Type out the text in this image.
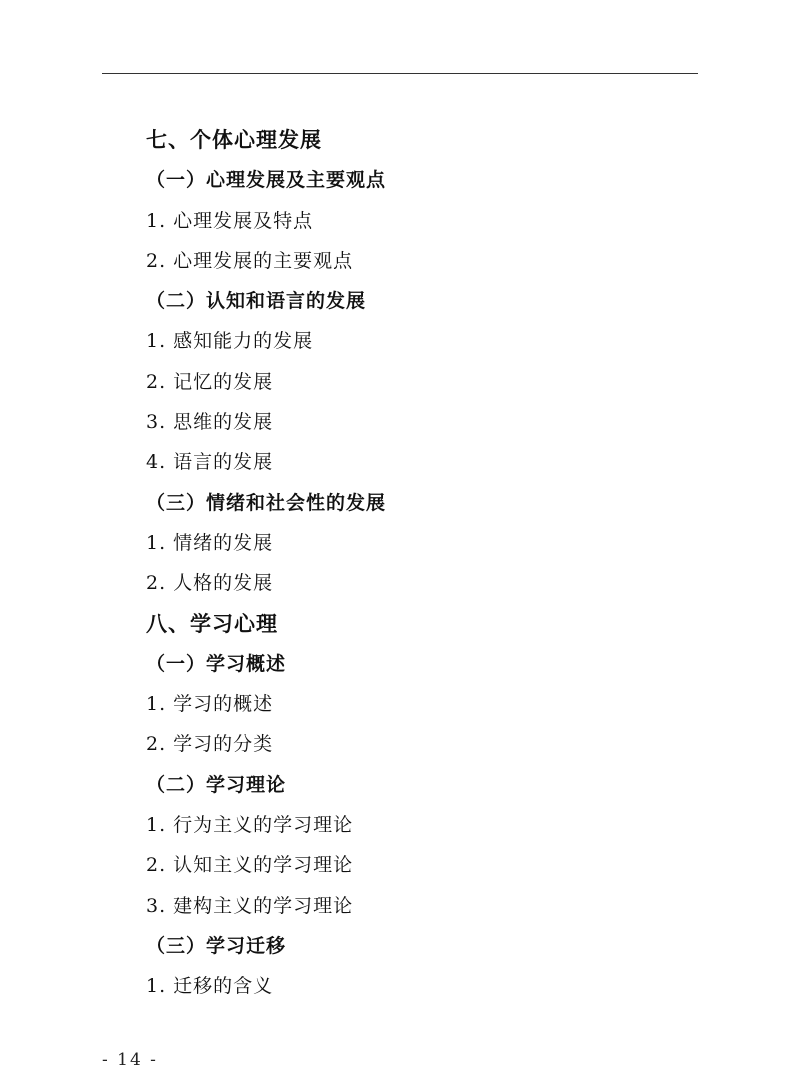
七、个体心理发展
（一）心理发展及主要观点
1. 心理发展及特点
2. 心理发展的主要观点
（二）认知和语言的发展
1. 感知能力的发展
2. 记忆的发展
3. 思维的发展
4. 语言的发展
（三）情绪和社会性的发展
1. 情绪的发展
2. 人格的发展
八、学习心理
（一）学习概述
1. 学习的概述
2. 学习的分类
（二）学习理论
1. 行为主义的学习理论
2. 认知主义的学习理论
3. 建构主义的学习理论
（三）学习迁移
1. 迁移的含义
- 14 -
